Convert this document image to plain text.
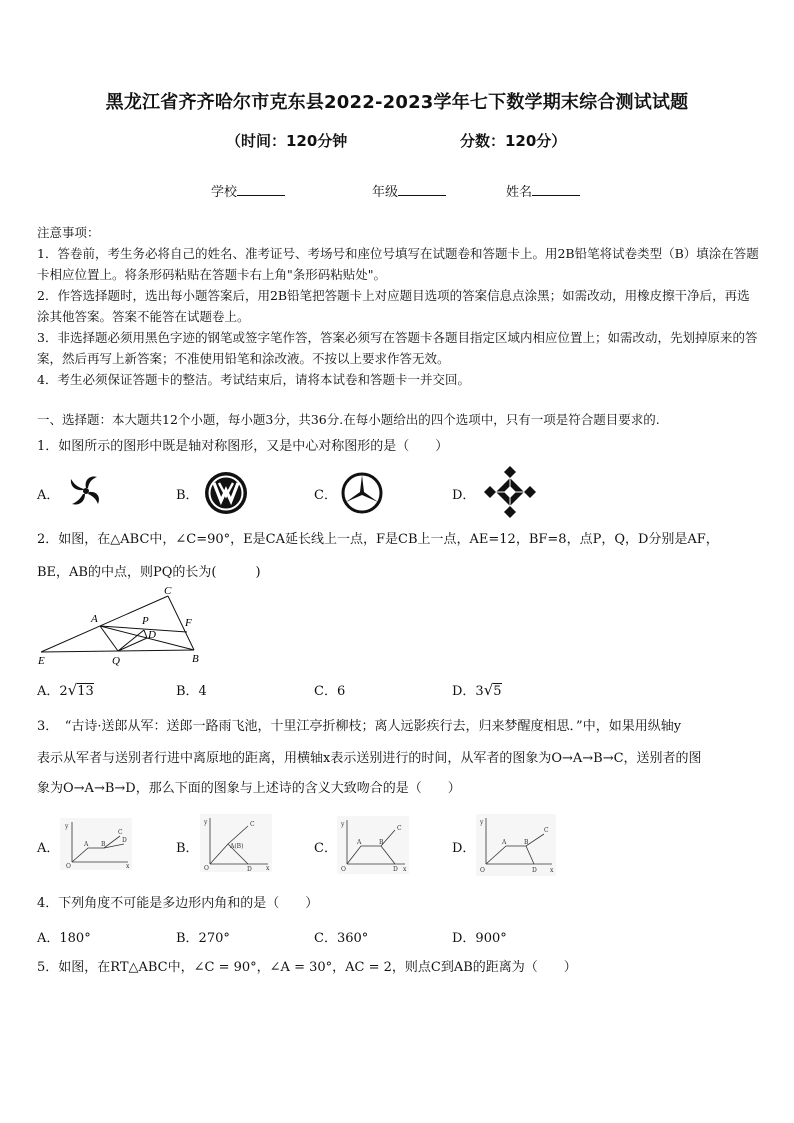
黑龙江省齐齐哈尔市克东县2022-2023学年七下数学期末综合测试试题
（时间：120分钟	分数：120分）
学校	年级	姓名
注意事项：
1．答卷前，考生务必将自己的姓名、准考证号、考场号和座位号填写在试题卷和答题卡上。用2B铅笔将试卷类型（B）填涂在答题卡相应位置上。将条形码粘贴在答题卡右上角"条形码粘贴处"。
2．作答选择题时，选出每小题答案后，用2B铅笔把答题卡上对应题目选项的答案信息点涂黑；如需改动，用橡皮擦干净后，再选涂其他答案。答案不能答在试题卷上。
3．非选择题必须用黑色字迹的钢笔或签字笔作答，答案必须写在答题卡各题目指定区域内相应位置上；如需改动，先划掉原来的答案，然后再写上新答案；不准使用铅笔和涂改液。不按以上要求作答无效。
4．考生必须保证答题卡的整洁。考试结束后，请将本试卷和答题卡一并交回。
一、选择题：本大题共12个小题，每小题3分，共36分.在每小题给出的四个选项中，只有一项是符合题目要求的.
1．如图所示的图形中既是轴对称图形，又是中心对称图形的是（　　）
A．	B．	C．	D．
2．如图，在△ABC中，∠C=90°，E是CA延长线上一点，F是CB上一点，AE=12，BF=8，点P，Q，D分别是AF，
BE，AB的中点，则PQ的长为(　　　)
C
A	P	F
D
E	Q	B
A．2√13	B．4	C．6	D．3√5
3．　“古诗·送郎从军：送郎一路雨飞池，十里江亭折柳枝；离人远影疾行去，归来梦醒度相思．”中，如果用纵轴y
表示从军者与送别者行进中离原地的距离，用横轴x表示送别进行的时间，从军者的图象为O→A→B→C，送别者的图
象为O→A→B→D，那么下面的图象与上述诗的含义大致吻合的是（　　）
A．
y
O	x
A B
C
D
B．
y
O	x
A(B)
C
D
C．
y
O	x
A	B
C
D
D．
y
O	x
A	B
C
D
4．下列角度不可能是多边形内角和的是（　　）
A．180°	B．270°	C．360°	D．900°
5．如图，在RT△ABC中，∠C = 90°，∠A = 30°，AC = 2，则点C到AB的距离为（　　）
